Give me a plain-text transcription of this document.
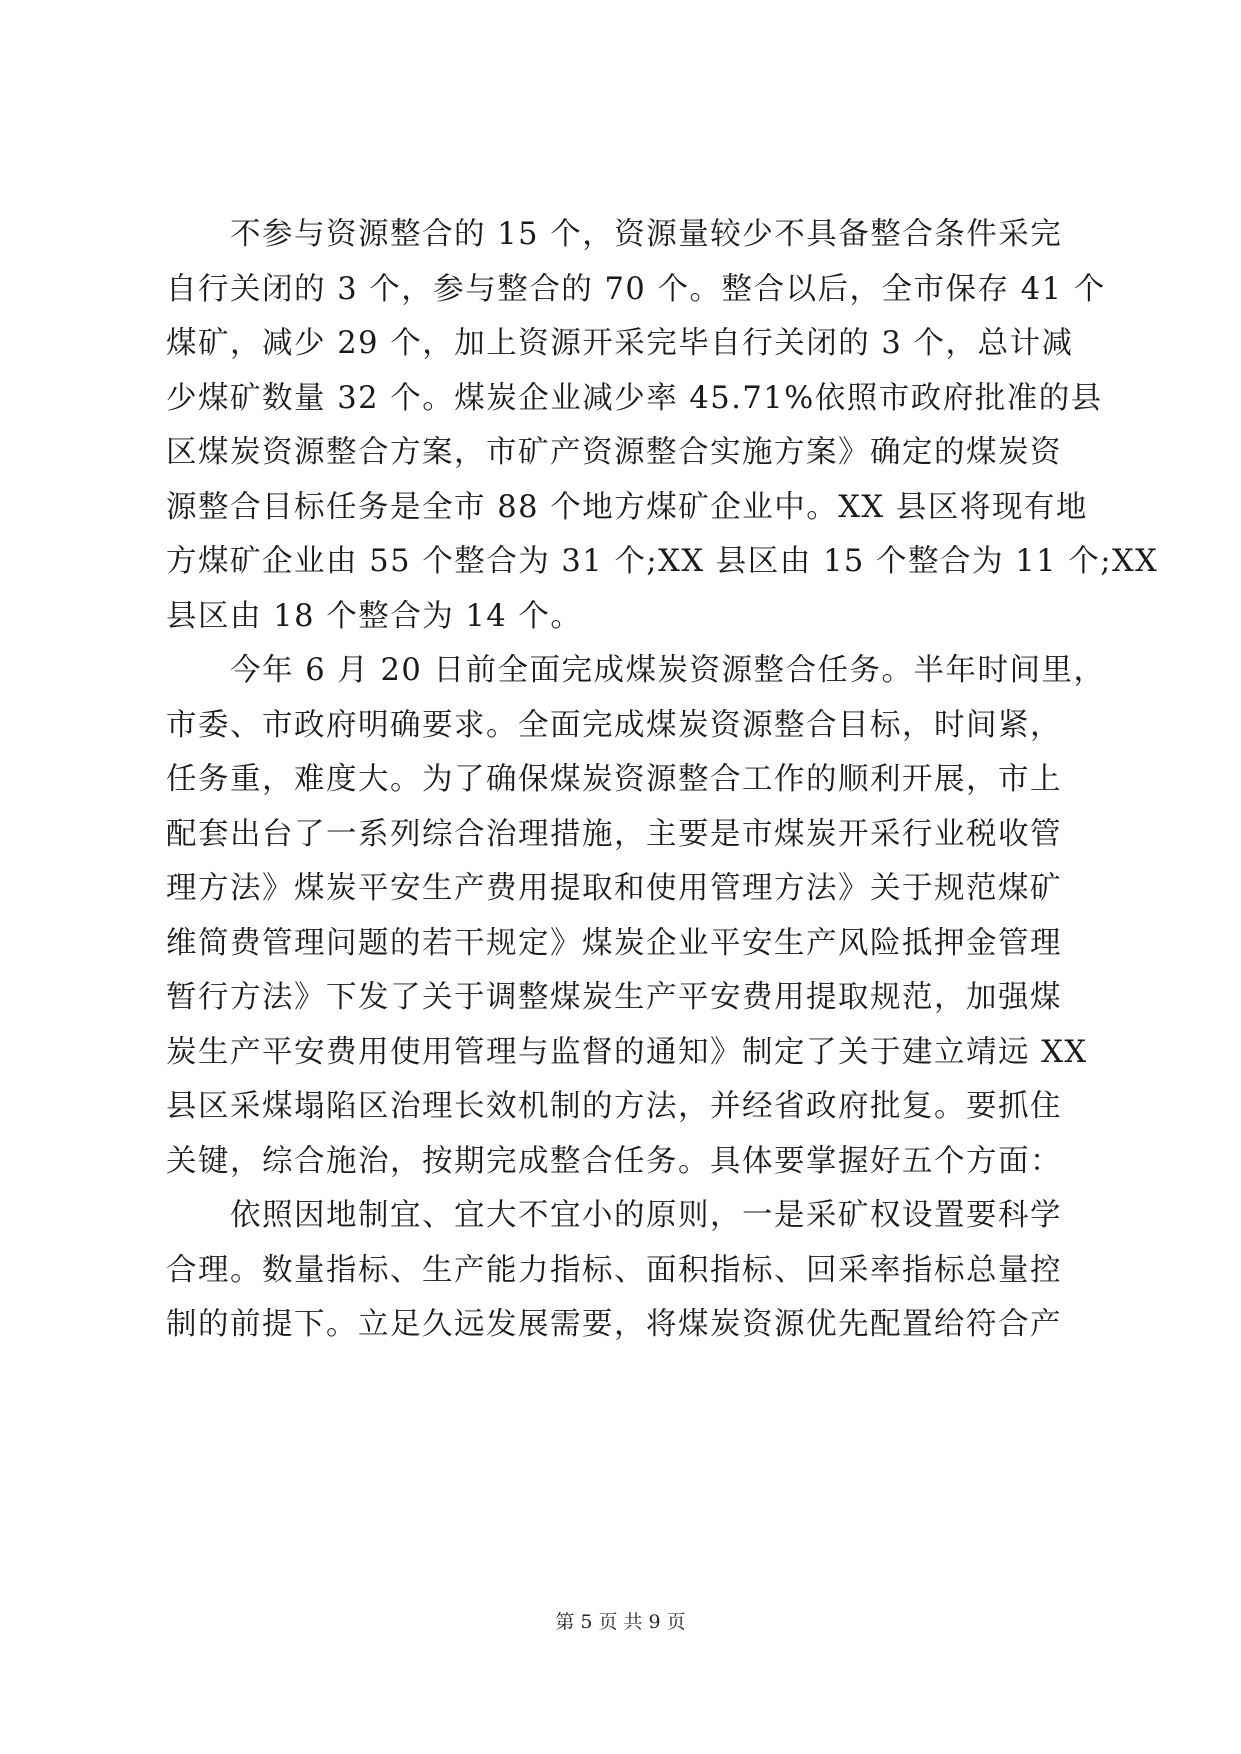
不参与资源整合的 15 个，资源量较少不具备整合条件采完
自行关闭的 3 个，参与整合的 70 个。整合以后，全市保存 41 个
煤矿，减少 29 个，加上资源开采完毕自行关闭的 3 个，总计减
少煤矿数量 32 个。煤炭企业减少率 45.71%依照市政府批准的县
区煤炭资源整合方案，市矿产资源整合实施方案》确定的煤炭资
源整合目标任务是全市 88 个地方煤矿企业中。XX 县区将现有地
方煤矿企业由 55 个整合为 31 个;XX 县区由 15 个整合为 11 个;XX
县区由 18 个整合为 14 个。

今年 6 月 20 日前全面完成煤炭资源整合任务。半年时间里，
市委、市政府明确要求。全面完成煤炭资源整合目标，时间紧，
任务重，难度大。为了确保煤炭资源整合工作的顺利开展，市上
配套出台了一系列综合治理措施，主要是市煤炭开采行业税收管
理方法》煤炭平安生产费用提取和使用管理方法》关于规范煤矿
维简费管理问题的若干规定》煤炭企业平安生产风险抵押金管理
暂行方法》下发了关于调整煤炭生产平安费用提取规范，加强煤
炭生产平安费用使用管理与监督的通知》制定了关于建立靖远 XX
县区采煤塌陷区治理长效机制的方法，并经省政府批复。要抓住
关键，综合施治，按期完成整合任务。具体要掌握好五个方面：

依照因地制宜、宜大不宜小的原则，一是采矿权设置要科学
合理。数量指标、生产能力指标、面积指标、回采率指标总量控
制的前提下。立足久远发展需要，将煤炭资源优先配置给符合产

第 5 页 共 9 页
